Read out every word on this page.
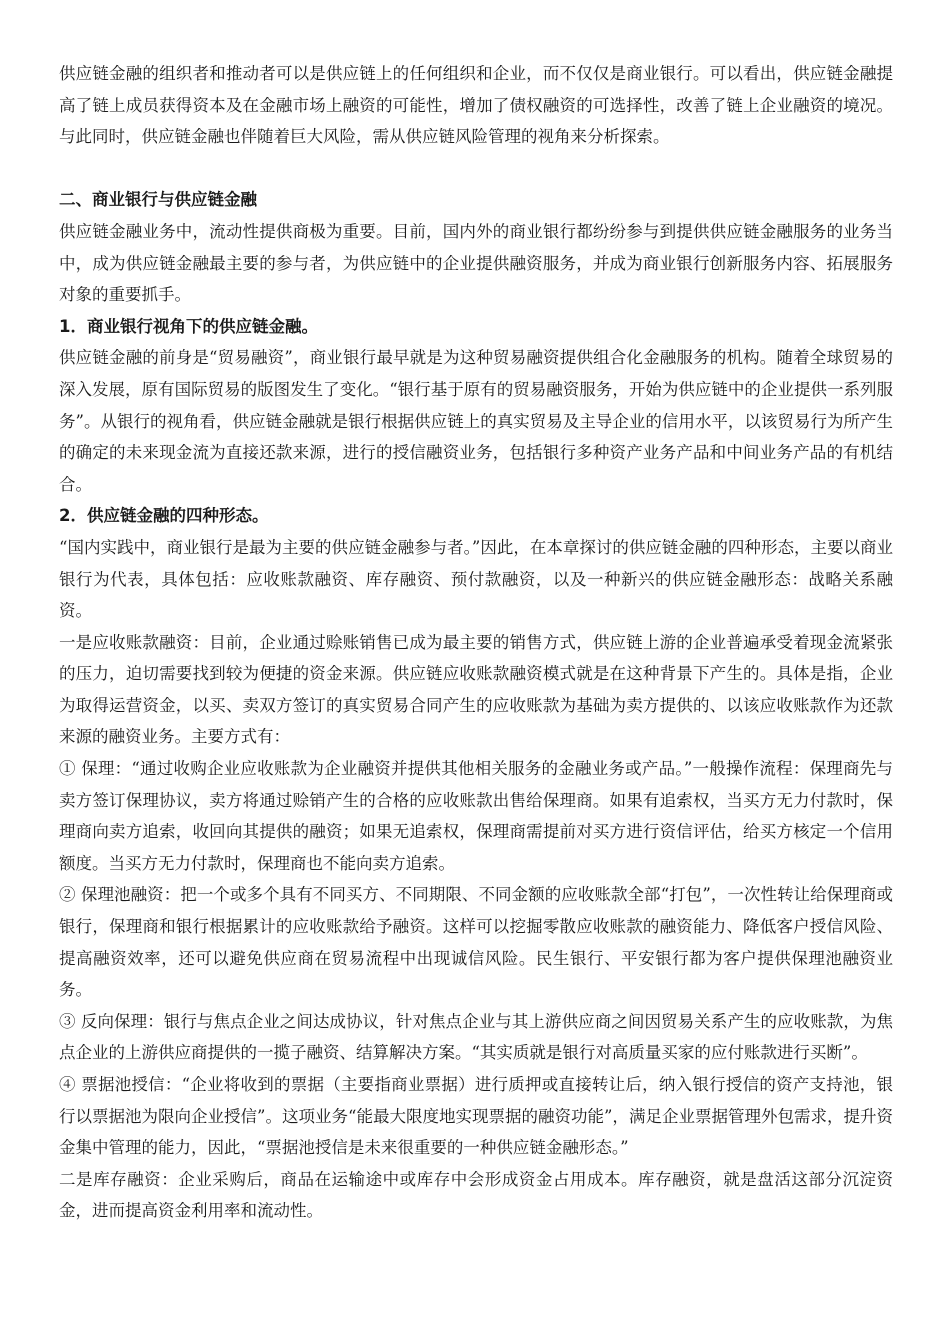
供应链金融的组织者和推动者可以是供应链上的任何组织和企业，而不仅仅是商业银行。可以看出，供应链金融提高了链上成员获得资本及在金融市场上融资的可能性，增加了债权融资的可选择性，改善了链上企业融资的境况。与此同时，供应链金融也伴随着巨大风险，需从供应链风险管理的视角来分析探索。

二、商业银行与供应链金融

供应链金融业务中，流动性提供商极为重要。目前，国内外的商业银行都纷纷参与到提供供应链金融服务的业务当中，成为供应链金融最主要的参与者，为供应链中的企业提供融资服务，并成为商业银行创新服务内容、拓展服务对象的重要抓手。

1．商业银行视角下的供应链金融。

供应链金融的前身是“贸易融资”，商业银行最早就是为这种贸易融资提供组合化金融服务的机构。随着全球贸易的深入发展，原有国际贸易的版图发生了变化。“银行基于原有的贸易融资服务，开始为供应链中的企业提供一系列服务”。从银行的视角看，供应链金融就是银行根据供应链上的真实贸易及主导企业的信用水平，以该贸易行为所产生的确定的未来现金流为直接还款来源，进行的授信融资业务，包括银行多种资产业务产品和中间业务产品的有机结合。

2．供应链金融的四种形态。

“国内实践中，商业银行是最为主要的供应链金融参与者。”因此，在本章探讨的供应链金融的四种形态，主要以商业银行为代表，具体包括：应收账款融资、库存融资、预付款融资，以及一种新兴的供应链金融形态：战略关系融资。

一是应收账款融资：目前，企业通过赊账销售已成为最主要的销售方式，供应链上游的企业普遍承受着现金流紧张的压力，迫切需要找到较为便捷的资金来源。供应链应收账款融资模式就是在这种背景下产生的。具体是指，企业为取得运营资金，以买、卖双方签订的真实贸易合同产生的应收账款为基础为卖方提供的、以该应收账款作为还款来源的融资业务。主要方式有：

① 保理：“通过收购企业应收账款为企业融资并提供其他相关服务的金融业务或产品。”一般操作流程：保理商先与卖方签订保理协议，卖方将通过赊销产生的合格的应收账款出售给保理商。如果有追索权，当买方无力付款时，保理商向卖方追索，收回向其提供的融资；如果无追索权，保理商需提前对买方进行资信评估，给买方核定一个信用额度。当买方无力付款时，保理商也不能向卖方追索。

② 保理池融资：把一个或多个具有不同买方、不同期限、不同金额的应收账款全部“打包”，一次性转让给保理商或银行，保理商和银行根据累计的应收账款给予融资。这样可以挖掘零散应收账款的融资能力、降低客户授信风险、提高融资效率，还可以避免供应商在贸易流程中出现诚信风险。民生银行、平安银行都为客户提供保理池融资业务。

③ 反向保理：银行与焦点企业之间达成协议，针对焦点企业与其上游供应商之间因贸易关系产生的应收账款，为焦点企业的上游供应商提供的一揽子融资、结算解决方案。“其实质就是银行对高质量买家的应付账款进行买断”。

④ 票据池授信：“企业将收到的票据（主要指商业票据）进行质押或直接转让后，纳入银行授信的资产支持池，银行以票据池为限向企业授信”。这项业务“能最大限度地实现票据的融资功能”，满足企业票据管理外包需求，提升资金集中管理的能力，因此，“票据池授信是未来很重要的一种供应链金融形态。”

二是库存融资：企业采购后，商品在运输途中或库存中会形成资金占用成本。库存融资，就是盘活这部分沉淀资金，进而提高资金利用率和流动性。
